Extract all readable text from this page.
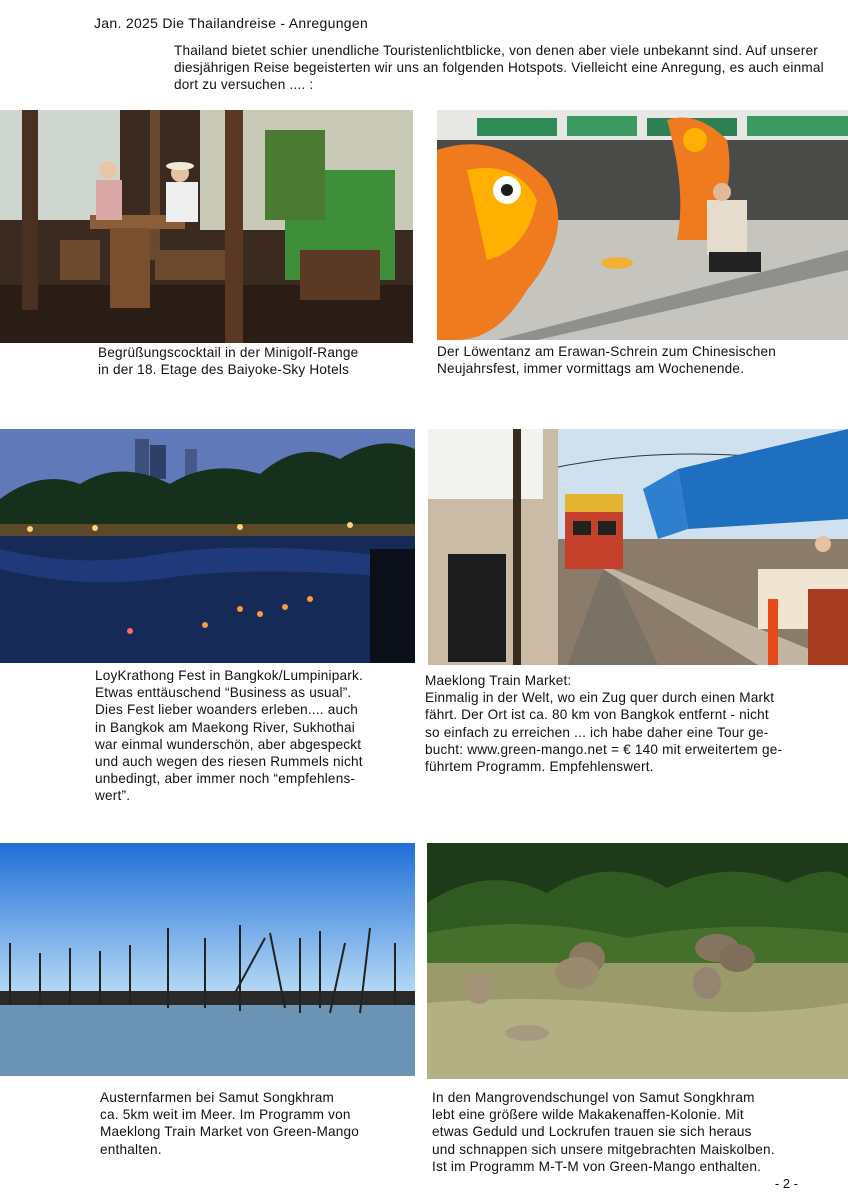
Jan. 2025 Die Thailandreise - Anregungen
Thailand bietet schier unendliche Touristenlichtblicke, von denen aber viele unbekannt sind. Auf unserer diesjährigen Reise begeisterten wir uns an folgenden Hotspots. Vielleicht eine Anregung, es auch einmal dort zu versuchen .... :
Begrüßungscocktail in der Minigolf-Range
in der 18. Etage des Baiyoke-Sky Hotels
Der Löwentanz am Erawan-Schrein zum Chinesischen
Neujahrsfest, immer vormittags am Wochenende.
LoyKrathong Fest in Bangkok/Lumpinipark.
Etwas enttäuschend “Business as usual”.
Dies Fest lieber woanders erleben.... auch
in Bangkok am Maekong River, Sukhothai
war einmal wunderschön, aber abgespeckt
und auch wegen des riesen Rummels nicht
unbedingt, aber immer noch “empfehlens-
wert”.
Maeklong Train Market:
Einmalig in der Welt, wo ein Zug quer durch einen Markt
fährt. Der Ort ist ca. 80 km von Bangkok entfernt - nicht
so einfach zu erreichen ... ich habe daher eine Tour ge-
bucht: www.green-mango.net = € 140 mit erweitertem ge-
führtem Programm. Empfehlenswert.
Austernfarmen bei Samut Songkhram
ca. 5km weit im Meer. Im Programm von
Maeklong Train Market von Green-Mango
enthalten.
In den Mangrovendschungel von Samut Songkhram
lebt eine größere wilde Makakenaffen-Kolonie. Mit
etwas Geduld und Lockrufen trauen sie sich heraus
und schnappen sich unsere mitgebrachten Maiskolben.
Ist im Programm M-T-M von Green-Mango enthalten.
- 2 -
